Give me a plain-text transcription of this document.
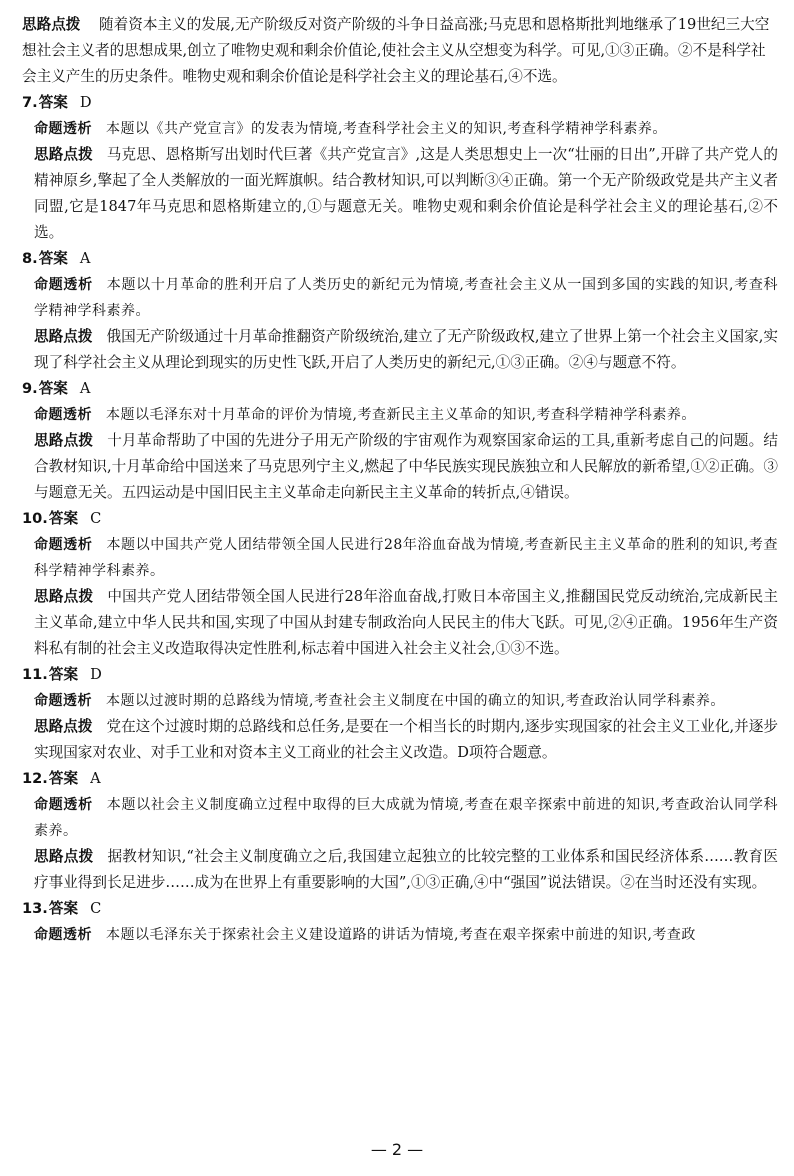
思路点拨 随着资本主义的发展,无产阶级反对资产阶级的斗争日益高涨;马克思和恩格斯批判地继承了19世纪三大空想社会主义者的思想成果,创立了唯物史观和剩余价值论,使社会主义从空想变为科学。可见,①③正确。②不是科学社会主义产生的历史条件。唯物史观和剩余价值论是科学社会主义的理论基石,④不选。

7.答案 D

命题透析 本题以《共产党宣言》的发表为情境,考查科学社会主义的知识,考查科学精神学科素养。

思路点拨 马克思、恩格斯写出划时代巨著《共产党宣言》,这是人类思想史上一次“壮丽的日出”,开辟了共产党人的精神原乡,擎起了全人类解放的一面光辉旗帜。结合教材知识,可以判断③④正确。第一个无产阶级政党是共产主义者同盟,它是1847年马克思和恩格斯建立的,①与题意无关。唯物史观和剩余价值论是科学社会主义的理论基石,②不选。

8.答案 A

命题透析 本题以十月革命的胜利开启了人类历史的新纪元为情境,考查社会主义从一国到多国的实践的知识,考查科学精神学科素养。

思路点拨 俄国无产阶级通过十月革命推翻资产阶级统治,建立了无产阶级政权,建立了世界上第一个社会主义国家,实现了科学社会主义从理论到现实的历史性飞跃,开启了人类历史的新纪元,①③正确。②④与题意不符。

9.答案 A

命题透析 本题以毛泽东对十月革命的评价为情境,考查新民主主义革命的知识,考查科学精神学科素养。

思路点拨 十月革命帮助了中国的先进分子用无产阶级的宇宙观作为观察国家命运的工具,重新考虑自己的问题。结合教材知识,十月革命给中国送来了马克思列宁主义,燃起了中华民族实现民族独立和人民解放的新希望,①②正确。③与题意无关。五四运动是中国旧民主主义革命走向新民主主义革命的转折点,④错误。

10.答案 C

命题透析 本题以中国共产党人团结带领全国人民进行28年浴血奋战为情境,考查新民主主义革命的胜利的知识,考查科学精神学科素养。

思路点拨 中国共产党人团结带领全国人民进行28年浴血奋战,打败日本帝国主义,推翻国民党反动统治,完成新民主主义革命,建立中华人民共和国,实现了中国从封建专制政治向人民民主的伟大飞跃。可见,②④正确。1956年生产资料私有制的社会主义改造取得决定性胜利,标志着中国进入社会主义社会,①③不选。

11.答案 D

命题透析 本题以过渡时期的总路线为情境,考查社会主义制度在中国的确立的知识,考查政治认同学科素养。

思路点拨 党在这个过渡时期的总路线和总任务,是要在一个相当长的时期内,逐步实现国家的社会主义工业化,并逐步实现国家对农业、对手工业和对资本主义工商业的社会主义改造。D项符合题意。

12.答案 A

命题透析 本题以社会主义制度确立过程中取得的巨大成就为情境,考查在艰辛探索中前进的知识,考查政治认同学科素养。

思路点拨 据教材知识,“社会主义制度确立之后,我国建立起独立的比较完整的工业体系和国民经济体系……教育医疗事业得到长足进步……成为在世界上有重要影响的大国”,①③正确,④中“强国”说法错误。②在当时还没有实现。

13.答案 C

命题透析 本题以毛泽东关于探索社会主义建设道路的讲话为情境,考查在艰辛探索中前进的知识,考查政

— 2 —
